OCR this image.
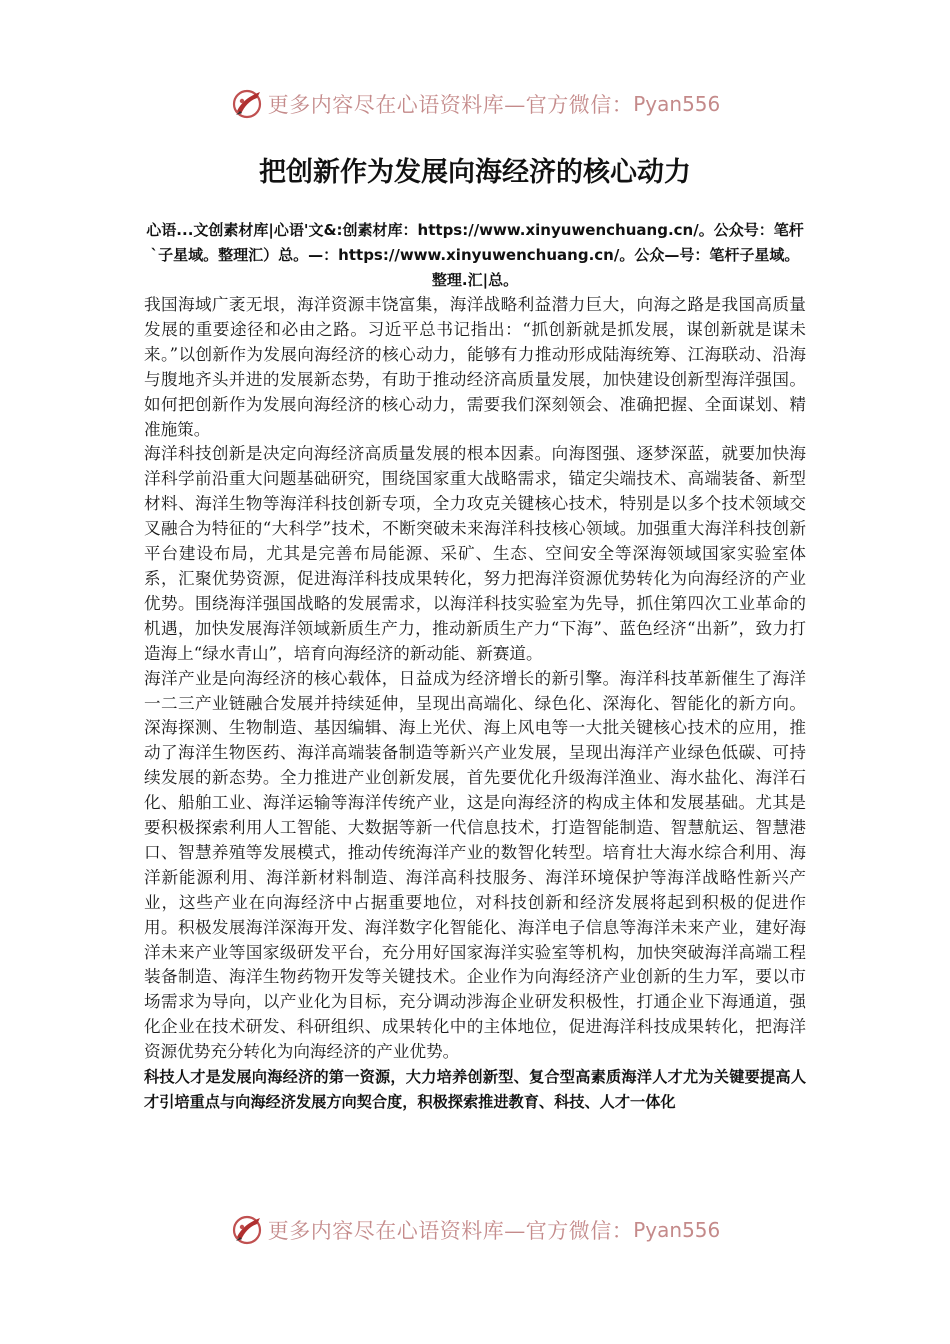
更多内容尽在心语资料库—官方微信： Pyan556
把创新作为发展向海经济的核心动力

心语...文创素材库|心语'文&:创素材库：https://www.xinyuwenchuang.cn/。公众号：笔杆`子星域。整理汇）总。—：https://www.xinyuwenchuang.cn/。公众—号：笔杆子星域。整理.汇|总。

我国海域广袤无垠，海洋资源丰饶富集，海洋战略利益潜力巨大，向海之路是我国高质量发展的重要途径和必由之路。习近平总书记指出：“抓创新就是抓发展，谋创新就是谋未来。”以创新作为发展向海经济的核心动力，能够有力推动形成陆海统筹、江海联动、沿海与腹地齐头并进的发展新态势，有助于推动经济高质量发展，加快建设创新型海洋强国。如何把创新作为发展向海经济的核心动力，需要我们深刻领会、准确把握、全面谋划、精准施策。

海洋科技创新是决定向海经济高质量发展的根本因素。向海图强、逐梦深蓝，就要加快海洋科学前沿重大问题基础研究，围绕国家重大战略需求，锚定尖端技术、高端装备、新型材料、海洋生物等海洋科技创新专项，全力攻克关键核心技术，特别是以多个技术领域交叉融合为特征的“大科学”技术，不断突破未来海洋科技核心领域。加强重大海洋科技创新平台建设布局，尤其是完善布局能源、采矿、生态、空间安全等深海领域国家实验室体系，汇聚优势资源，促进海洋科技成果转化，努力把海洋资源优势转化为向海经济的产业优势。围绕海洋强国战略的发展需求，以海洋科技实验室为先导，抓住第四次工业革命的机遇，加快发展海洋领域新质生产力，推动新质生产力“下海”、蓝色经济“出新”，致力打造海上“绿水青山”，培育向海经济的新动能、新赛道。

海洋产业是向海经济的核心载体，日益成为经济增长的新引擎。海洋科技革新催生了海洋一二三产业链融合发展并持续延伸，呈现出高端化、绿色化、深海化、智能化的新方向。深海探测、生物制造、基因编辑、海上光伏、海上风电等一大批关键核心技术的应用，推动了海洋生物医药、海洋高端装备制造等新兴产业发展，呈现出海洋产业绿色低碳、可持续发展的新态势。全力推进产业创新发展，首先要优化升级海洋渔业、海水盐化、海洋石化、船舶工业、海洋运输等海洋传统产业，这是向海经济的构成主体和发展基础。尤其是要积极探索利用人工智能、大数据等新一代信息技术，打造智能制造、智慧航运、智慧港口、智慧养殖等发展模式，推动传统海洋产业的数智化转型。培育壮大海水综合利用、海洋新能源利用、海洋新材料制造、海洋高科技服务、海洋环境保护等海洋战略性新兴产业，这些产业在向海经济中占据重要地位，对科技创新和经济发展将起到积极的促进作用。积极发展海洋深海开发、海洋数字化智能化、海洋电子信息等海洋未来产业，建好海洋未来产业等国家级研发平台，充分用好国家海洋实验室等机构，加快突破海洋高端工程装备制造、海洋生物药物开发等关键技术。企业作为向海经济产业创新的生力军，要以市场需求为导向，以产业化为目标，充分调动涉海企业研发积极性，打通企业下海通道，强化企业在技术研发、科研组织、成果转化中的主体地位，促进海洋科技成果转化，把海洋资源优势充分转化为向海经济的产业优势。

科技人才是发展向海经济的第一资源，大力培养创新型、复合型高素质海洋人才尤为关键要提高人才引培重点与向海经济发展方向契合度，积极探索推进教育、科技、人才一体化

更多内容尽在心语资料库—官方微信： Pyan556
